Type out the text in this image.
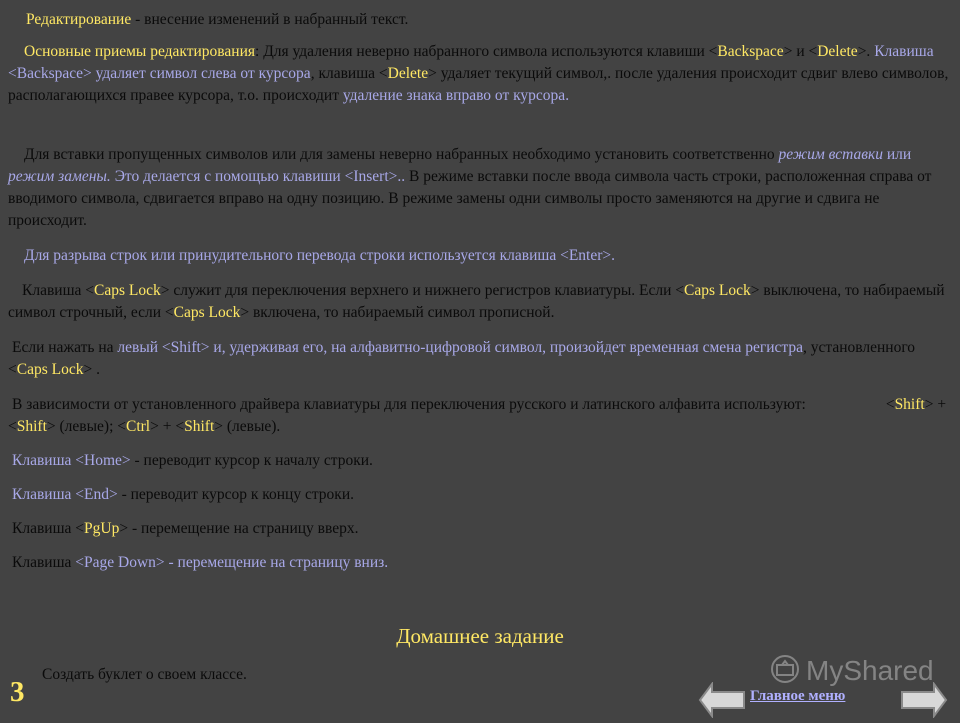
Редактирование - внесение изменений в набранный текст.

Основные приемы редактирования: Для удаления неверно набранного символа используются клавиши <Backspace> и <Delete>. Клавиша <Backspace> удаляет символ слева от курсора, клавиша <Delete> удаляет текущий символ,. после удаления происходит сдвиг влево символов, располагающихся правее курсора, т.о. происходит удаление знака вправо от курсора.

Для вставки пропущенных символов или для замены неверно набранных необходимо установить соответственно режим вставки или режим замены. Это делается с помощью клавиши <Insert>.. В режиме вставки после ввода символа часть строки, расположенная справа от вводимого символа, сдвигается вправо на одну позицию. В режиме замены одни символы просто заменяются на другие и сдвига не происходит.

Для разрыва строк или принудительного перевода строки используется клавиша <Enter>.

Клавиша <Caps Lock> служит для переключения верхнего и нижнего регистров клавиатуры. Если <Caps Lock> выключена, то набираемый символ строчный, если <Caps Lock> включена, то набираемый символ прописной.

Если нажать на левый <Shift> и, удерживая его, на алфавитно-цифровой символ, произойдет временная смена регистра, установленного <Caps Lock> .

В зависимости от установленного драйвера клавиатуры для переключения русского и латинского алфавита используют:	<Shift> + <Shift> (левые); <Ctrl> + <Shift> (левые).

Клавиша <Home> - переводит курсор к началу строки.

Клавиша <End> - переводит курсор к концу строки.

Клавиша <PgUp> - перемещение на страницу вверх.

Клавиша <Page Down> - перемещение на страницу вниз.

Домашнее задание
Создать буклет о своем классе.
3
MyShared
Главное меню
